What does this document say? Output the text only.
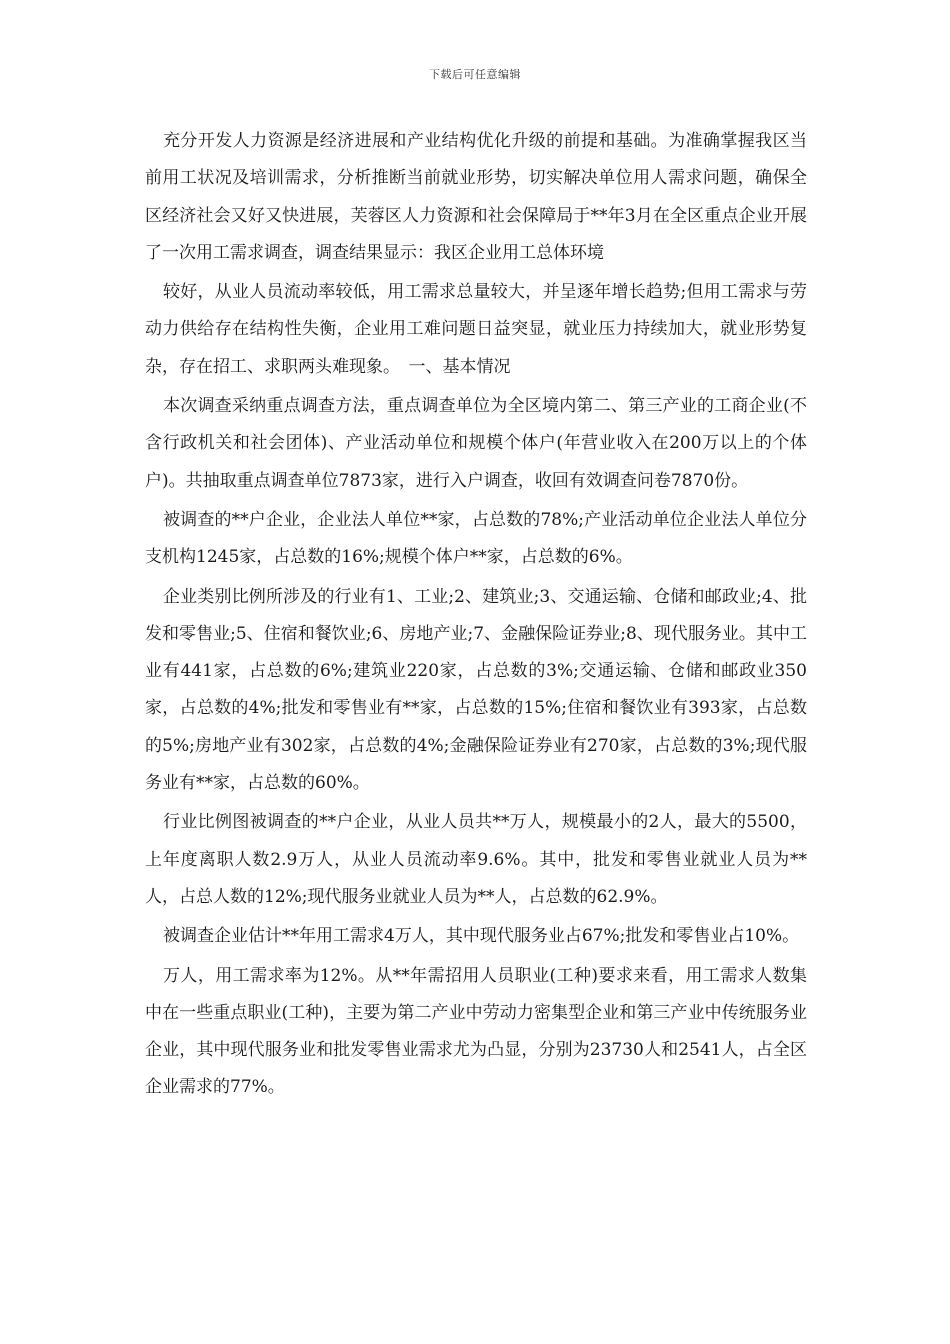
下载后可任意编辑

充分开发人力资源是经济进展和产业结构优化升级的前提和基础。为准确掌握我区当前用工状况及培训需求，分析推断当前就业形势，切实解决单位用人需求问题，确保全区经济社会又好又快进展，芙蓉区人力资源和社会保障局于**年3月在全区重点企业开展了一次用工需求调查，调查结果显示：我区企业用工总体环境

较好，从业人员流动率较低，用工需求总量较大，并呈逐年增长趋势;但用工需求与劳动力供给存在结构性失衡，企业用工难问题日益突显，就业压力持续加大，就业形势复杂，存在招工、求职两头难现象。　一、基本情况

本次调查采纳重点调查方法，重点调查单位为全区境内第二、第三产业的工商企业(不含行政机关和社会团体)、产业活动单位和规模个体户(年营业收入在200万以上的个体户)。共抽取重点调查单位7873家，进行入户调查，收回有效调查问卷7870份。

被调查的**户企业，企业法人单位**家，占总数的78%;产业活动单位企业法人单位分支机构1245家，占总数的16%;规模个体户**家，占总数的6%。

企业类别比例所涉及的行业有1、工业;2、建筑业;3、交通运输、仓储和邮政业;4、批发和零售业;5、住宿和餐饮业;6、房地产业;7、金融保险证券业;8、现代服务业。其中工业有441家，占总数的6%;建筑业220家，占总数的3%;交通运输、仓储和邮政业350家，占总数的4%;批发和零售业有**家，占总数的15%;住宿和餐饮业有393家，占总数的5%;房地产业有302家，占总数的4%;金融保险证券业有270家，占总数的3%;现代服务业有**家，占总数的60%。

行业比例图被调查的**户企业，从业人员共**万人，规模最小的2人，最大的5500，上年度离职人数2.9万人，从业人员流动率9.6%。其中，批发和零售业就业人员为**人，占总人数的12%;现代服务业就业人员为**人，占总数的62.9%。

被调查企业估计**年用工需求4万人，其中现代服务业占67%;批发和零售业占10%。

万人，用工需求率为12%。从**年需招用人员职业(工种)要求来看，用工需求人数集中在一些重点职业(工种)，主要为第二产业中劳动力密集型企业和第三产业中传统服务业企业，其中现代服务业和批发零售业需求尤为凸显，分别为23730人和2541人，占全区企业需求的77%。
